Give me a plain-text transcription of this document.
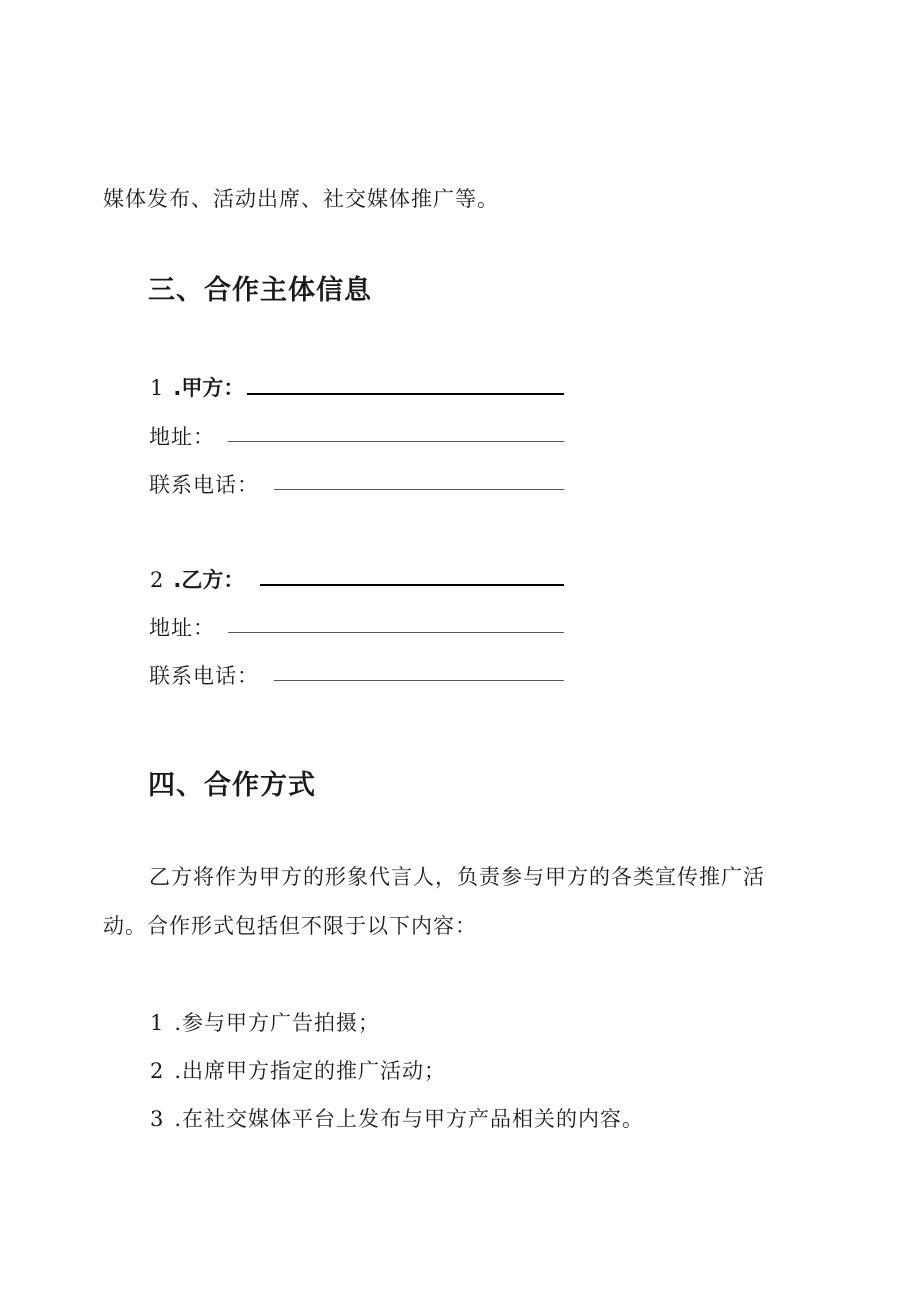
媒体发布、活动出席、社交媒体推广等。
三、合作主体信息
1 .甲方：
地址：
联系电话：
2 .乙方：
地址：
联系电话：
四、合作方式
乙方将作为甲方的形象代言人，负责参与甲方的各类宣传推广活
动。合作形式包括但不限于以下内容：
1 .参与甲方广告拍摄；
2 .出席甲方指定的推广活动；
3 .在社交媒体平台上发布与甲方产品相关的内容。
